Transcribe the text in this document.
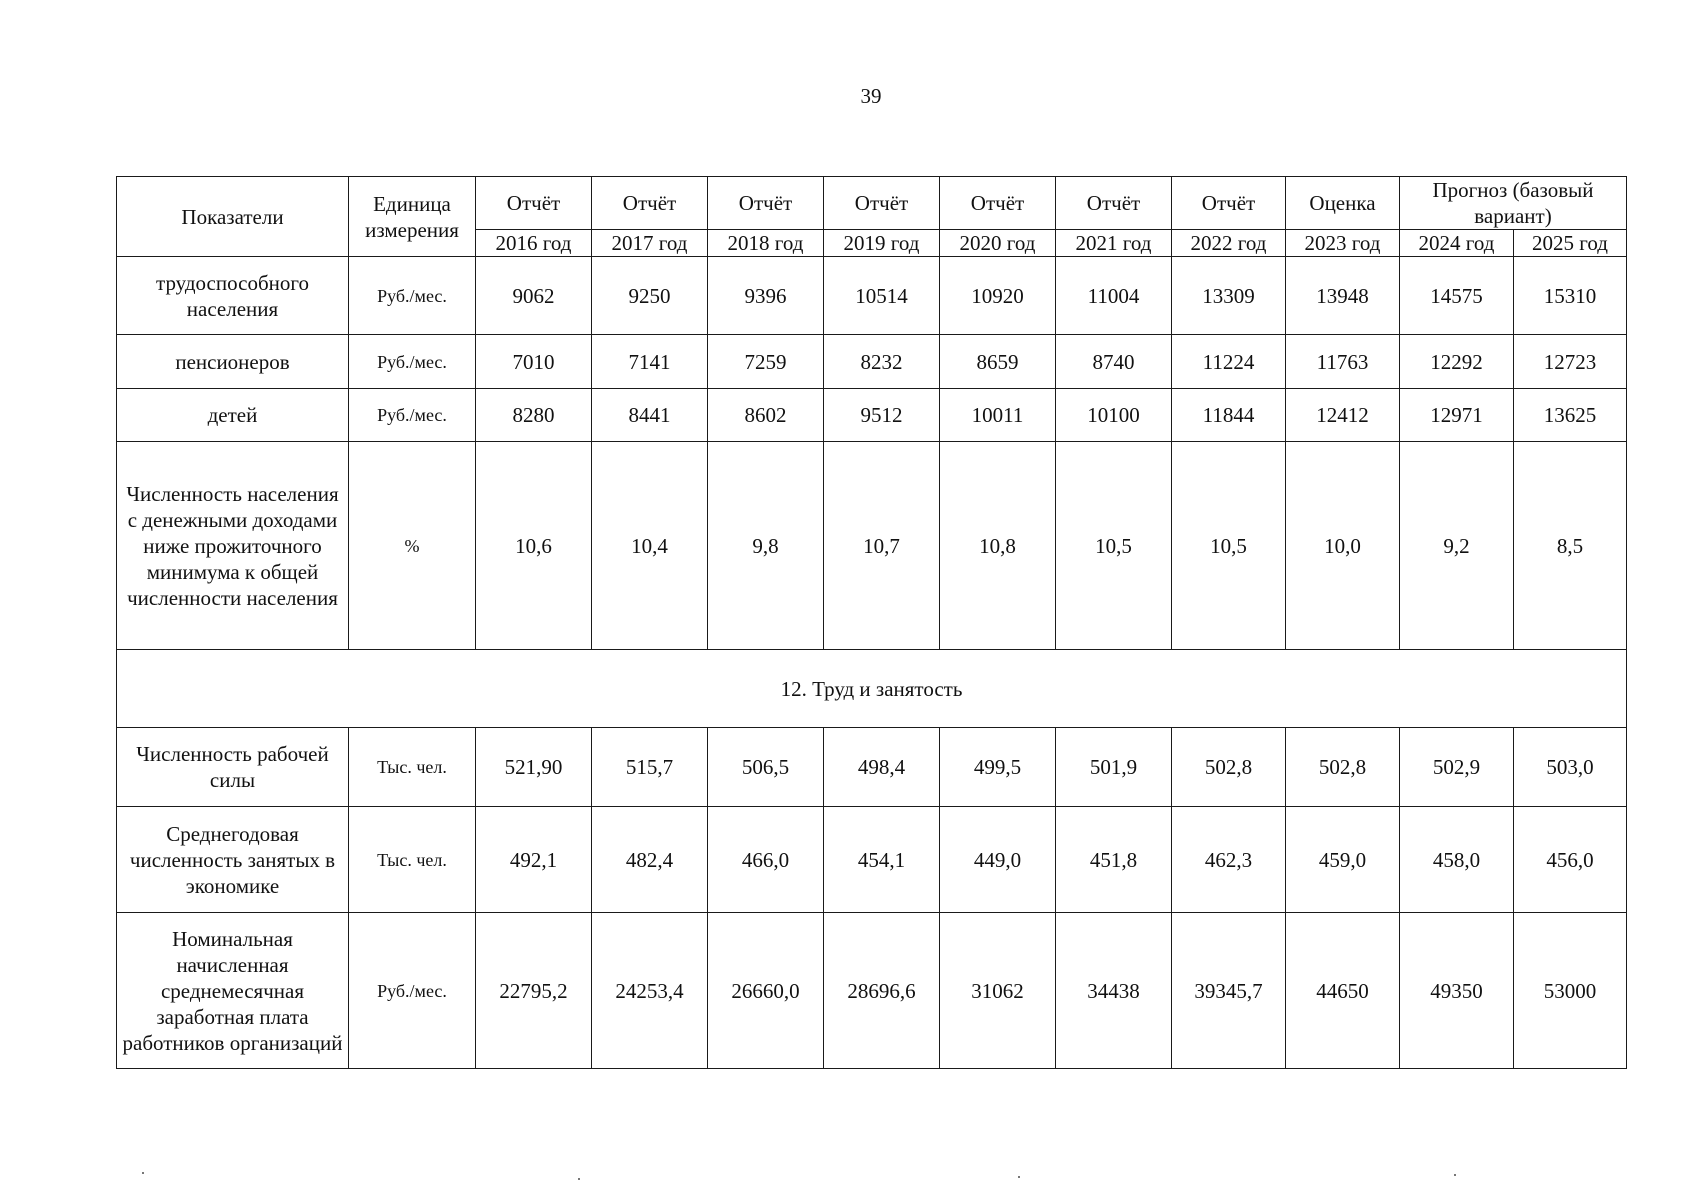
39
Показатели	Единица измерения	Отчёт	Отчёт	Отчёт	Отчёт	Отчёт	Отчёт	Отчёт	Оценка	Прогноз (базовый вариант)	
		2016 год	2017 год	2018 год	2019 год	2020 год	2021 год	2022 год	2023 год	2024 год	2025 год
трудоспособного населения	Руб./мес.	9062	9250	9396	10514	10920	11004	13309	13948	14575	15310
пенсионеров	Руб./мес.	7010	7141	7259	8232	8659	8740	11224	11763	12292	12723
детей	Руб./мес.	8280	8441	8602	9512	10011	10100	11844	12412	12971	13625
Численность населения с денежными доходами ниже прожиточного минимума к общей численности населения	%	10,6	10,4	9,8	10,7	10,8	10,5	10,5	10,0	9,2	8,5
12. Труд и занятость											
Численность рабочей силы	Тыс. чел.	521,90	515,7	506,5	498,4	499,5	501,9	502,8	502,8	502,9	503,0
Среднегодовая численность занятых в экономике	Тыс. чел.	492,1	482,4	466,0	454,1	449,0	451,8	462,3	459,0	458,0	456,0
Номинальная начисленная среднемесячная заработная плата работников организаций	Руб./мес.	22795,2	24253,4	26660,0	28696,6	31062	34438	39345,7	44650	49350	53000
